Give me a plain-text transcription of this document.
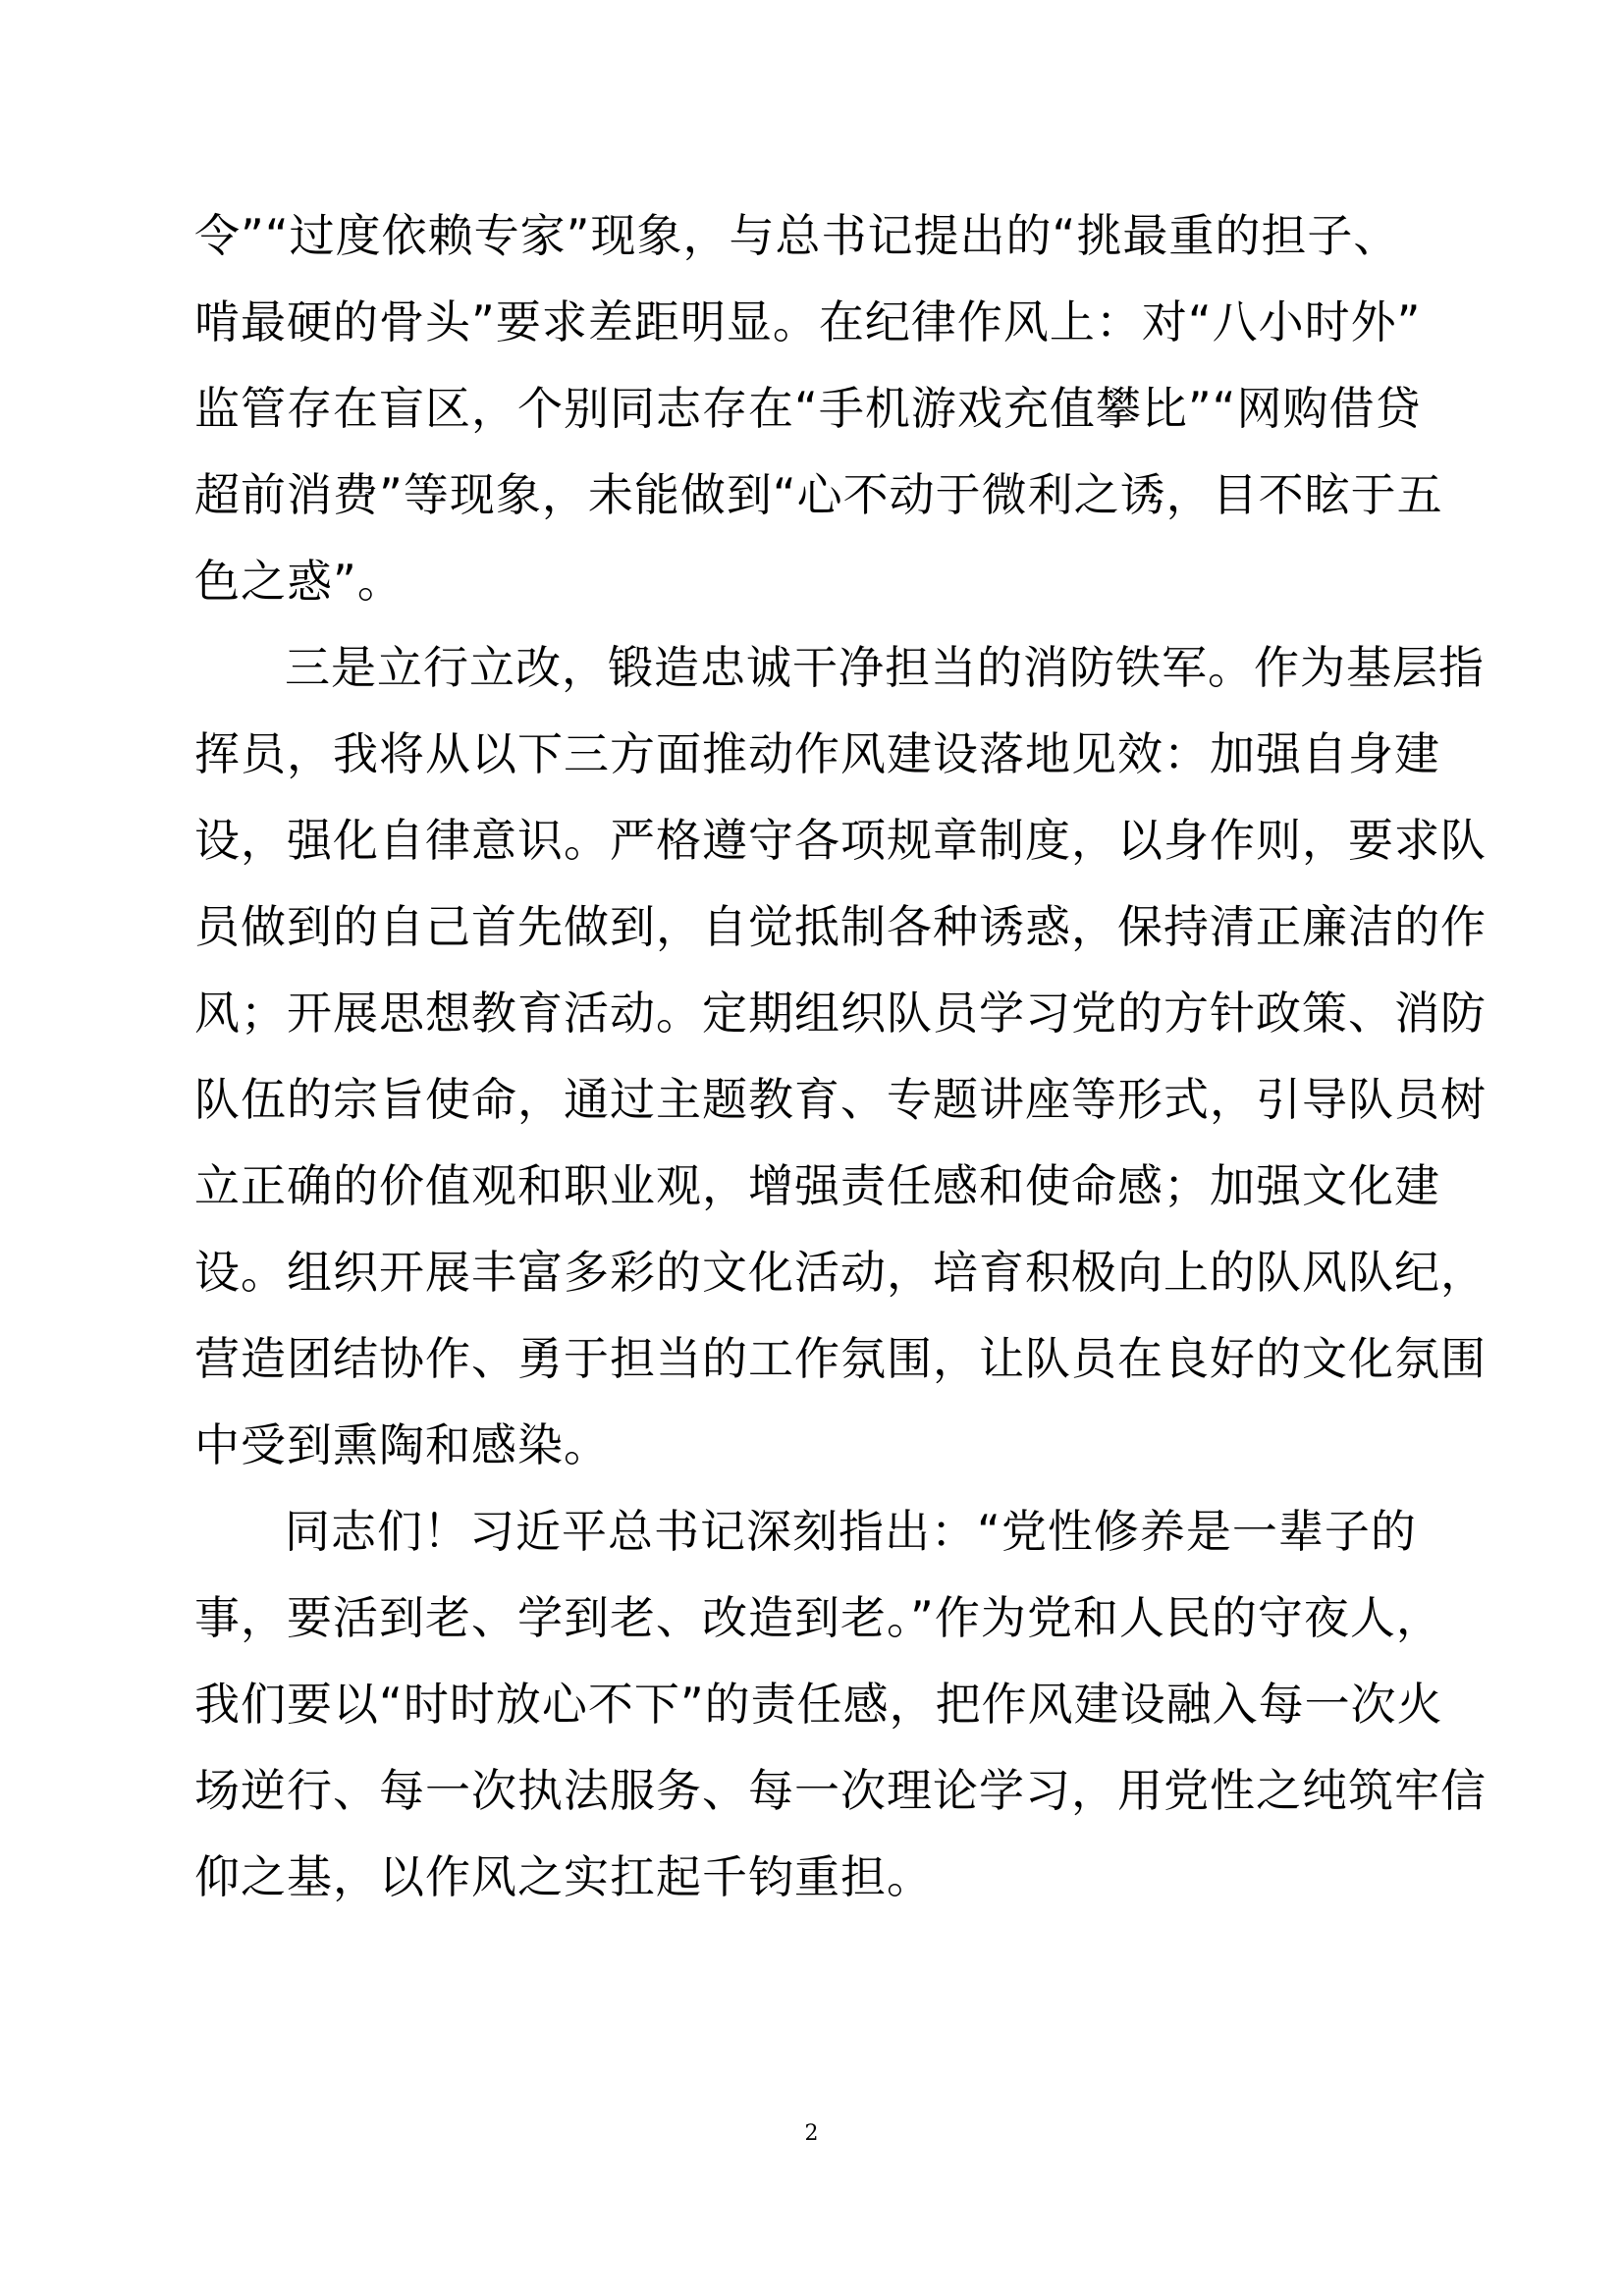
令”“过度依赖专家”现象，与总书记提出的“挑最重的担子、
啃最硬的骨头”要求差距明显。在纪律作风上：对“八小时外”
监管存在盲区，个别同志存在“手机游戏充值攀比”“网购借贷
超前消费”等现象，未能做到“心不动于微利之诱，目不眩于五
色之惑”。
三是立行立改，锻造忠诚干净担当的消防铁军。作为基层指
挥员，我将从以下三方面推动作风建设落地见效：加强自身建
设，强化自律意识。严格遵守各项规章制度，以身作则，要求队
员做到的自己首先做到，自觉抵制各种诱惑，保持清正廉洁的作
风；开展思想教育活动。定期组织队员学习党的方针政策、消防
队伍的宗旨使命，通过主题教育、专题讲座等形式，引导队员树
立正确的价值观和职业观，增强责任感和使命感；加强文化建
设。组织开展丰富多彩的文化活动，培育积极向上的队风队纪，
营造团结协作、勇于担当的工作氛围，让队员在良好的文化氛围
中受到熏陶和感染。
同志们！习近平总书记深刻指出：“党性修养是一辈子的
事，要活到老、学到老、改造到老。”作为党和人民的守夜人，
我们要以“时时放心不下”的责任感，把作风建设融入每一次火
场逆行、每一次执法服务、每一次理论学习，用党性之纯筑牢信
仰之基，以作风之实扛起千钧重担。
2
